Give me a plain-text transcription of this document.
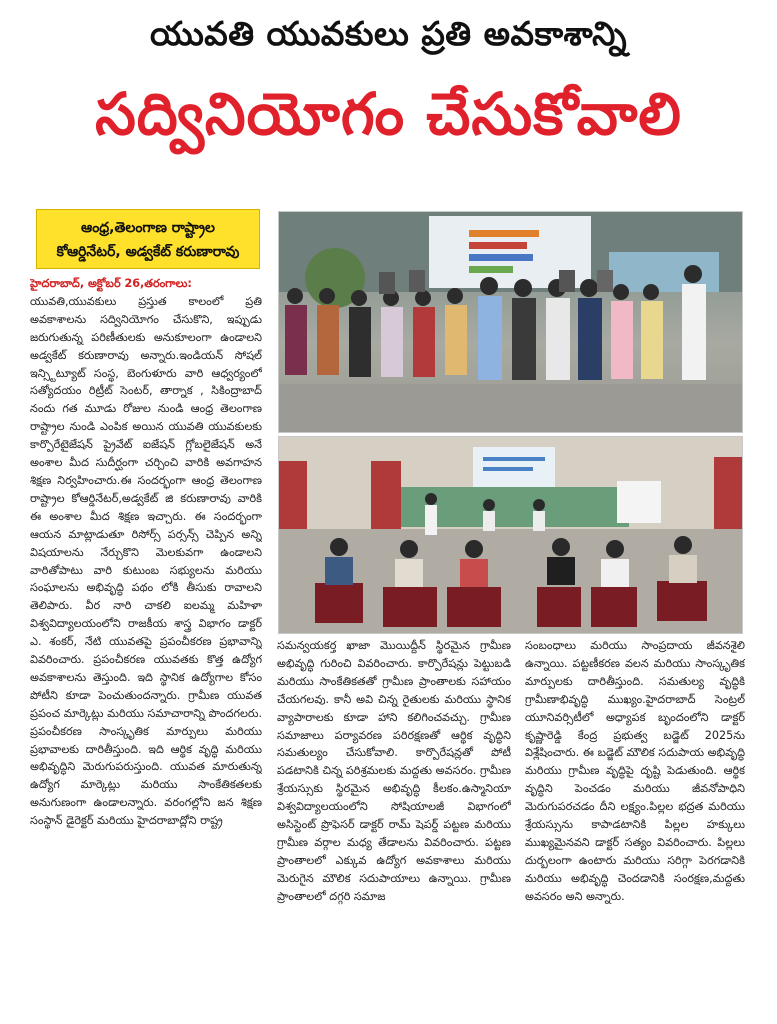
యువతి యువకులు ప్రతి అవకాశాన్ని
సద్వినియోగం చేసుకోవాలి
ఆంధ్ర,తెలంగాణ రాష్ట్రాల
కోఆర్డినేటర్, అడ్వకేట్ కరుణారావు

హైదరాబాద్, అక్టోబర్ 26,తరంగాలు:
యువతి,యువకులు ప్రస్తుత కాలంలో ప్రతి అవకాశాలను సద్వినియోగం చేసుకొని, ఇప్పుడు జరుగుతున్న పరిణీతులకు అనుకూలంగా ఉండాలని అడ్వకేట్ కరుణారావు అన్నారు.ఇండియన్ సోషల్ ఇన్స్టిట్యూట్ సంస్థ, బెంగుళూరు వారి ఆధ్వర్యంలో సత్యోదయం రిట్రీట్ సెంటర్, తార్నాక , సికింద్రాబాద్ నందు గత మూడు రోజుల నుండి ఆంధ్ర తెలంగాణ రాష్ట్రాల నుండి ఎంపిక అయిన యువతి యువకులకు కార్పొరేటైజేషన్ ప్రైవేట్ ఐజేషన్ గ్లోబలైజేషన్ అనే అంశాల మీద సుదీర్ఘంగా చర్చించి వారికి అవగాహన శిక్షణ నిర్వహించారు.ఈ సందర్భంగా ఆంధ్ర తెలంగాణ రాష్ట్రాల కోఆర్డినేటర్,అడ్వకేట్ జి కరుణారావు వారికి ఈ అంశాల మీద శిక్షణ ఇచ్చారు. ఈ సందర్భంగా ఆయన మాట్లాడుతూ రిసోర్స్ పర్సన్స్ చెప్పిన అన్ని విషయాలను నేర్చుకొని మెలకువగా ఉండాలని వారితోపాటు వారి కుటుంబ సభ్యులను మరియు సంఘాలను అభివృద్ధి పథం లోకి తీసుకు రావాలని తెలిపారు. వీర నారి చాకలి ఐలమ్మ మహిళా విశ్వవిద్యాలయంలోని రాజకీయ శాస్త్ర విభాగం డాక్టర్ ఎ. శంకర్, నేటి యువతపై ప్రపంచీకరణ ప్రభావాన్ని వివరించారు. ప్రపంచీకరణ యువతకు కొత్త ఉద్యోగ అవకాశాలను తెస్తుంది. ఇది స్థానిక ఉద్యోగాల కోసం పోటీని కూడా పెంచుతుందన్నారు. గ్రామీణ యువత ప్రపంచ మార్కెట్లు మరియు సమాచారాన్ని పొందగలరు. ప్రపంచీకరణ సాంస్కృతిక మార్పులు మరియు ప్రభావాలకు దారితీస్తుంది. ఇది ఆర్థిక వృద్ధి మరియు అభివృద్ధిని మెరుగుపరుస్తుంది. యువత మారుతున్న ఉద్యోగ మార్కెట్లు మరియు సాంకేతికతలకు అనుగుణంగా ఉండాలన్నారు. వరంగల్లోని జన శిక్షణ సంస్థాన్ డైరెక్టర్ మరియు హైదరాబాద్లోని రాష్ట్ర

సమన్వయకర్త ఖాజా మొయిద్దీన్ స్థిరమైన గ్రామీణ అభివృద్ధి గురించి వివరించారు. కార్పొరేషన్లు పెట్టుబడి మరియు సాంకేతికతతో గ్రామీణ ప్రాంతాలకు సహాయం చేయగలవు. కానీ అవి చిన్న రైతులకు మరియు స్థానిక వ్యాపారాలకు కూడా హాని కలిగించవచ్చు. గ్రామీణ సమాజాలు పర్యావరణ పరిరక్షణతో ఆర్థిక వృద్ధిని సమతుల్యం చేసుకోవాలి. కార్పొరేషన్లతో పోటీ పడటానికి చిన్న పరిశ్రమలకు మద్దతు అవసరం. గ్రామీణ శ్రేయస్సుకు స్థిరమైన అభివృద్ధి కీలకం.ఉస్మానియా విశ్వవిద్యాలయంలోని సోషియాలజీ విభాగంలో అసిస్టెంట్ ప్రొఫెసర్ డాక్టర్ రామ్ షెపర్డ్ పట్టణ మరియు గ్రామీణ వర్గాల మధ్య తేడాలను వివరించారు. పట్టణ ప్రాంతాలలో ఎక్కువ ఉద్యోగ అవకాశాలు మరియు మెరుగైన మౌలిక సదుపాయాలు ఉన్నాయి. గ్రామీణ ప్రాంతాలలో దగ్గరి సమాజ

సంబంధాలు మరియు సాంప్రదాయ జీవనశైలి ఉన్నాయి. పట్టణీకరణ వలన మరియు సాంస్కృతిక మార్పులకు దారితీస్తుంది. సమతుల్య వృద్ధికి గ్రామీణాభివృద్ధి ముఖ్యం.హైదరాబాద్ సెంట్రల్ యూనివర్సిటీలో అధ్యాపక బృందంలోని డాక్టర్ కృష్ణారెడ్డి కేంద్ర ప్రభుత్వ బడ్జెట్ 2025ను విశ్లేషించారు. ఈ బడ్జెట్ మౌలిక సదుపాయ అభివృద్ధి మరియు గ్రామీణ వృద్ధిపై దృష్టి పెడుతుంది. ఆర్థిక వృద్ధిని పెంచడం మరియు జీవనోపాధిని మెరుగుపరచడం దీని లక్ష్యం.పిల్లల భద్రత మరియు శ్రేయస్సును కాపాడటానికి పిల్లల హక్కులు ముఖ్యమైనవని డాక్టర్ సత్యం వివరించారు. పిల్లలు దుర్బలంగా ఉంటారు మరియు సరిగ్గా పెరగడానికి మరియు అభివృద్ధి చెందడానికి సంరక్షణ,మద్దతు అవసరం అని అన్నారు.
